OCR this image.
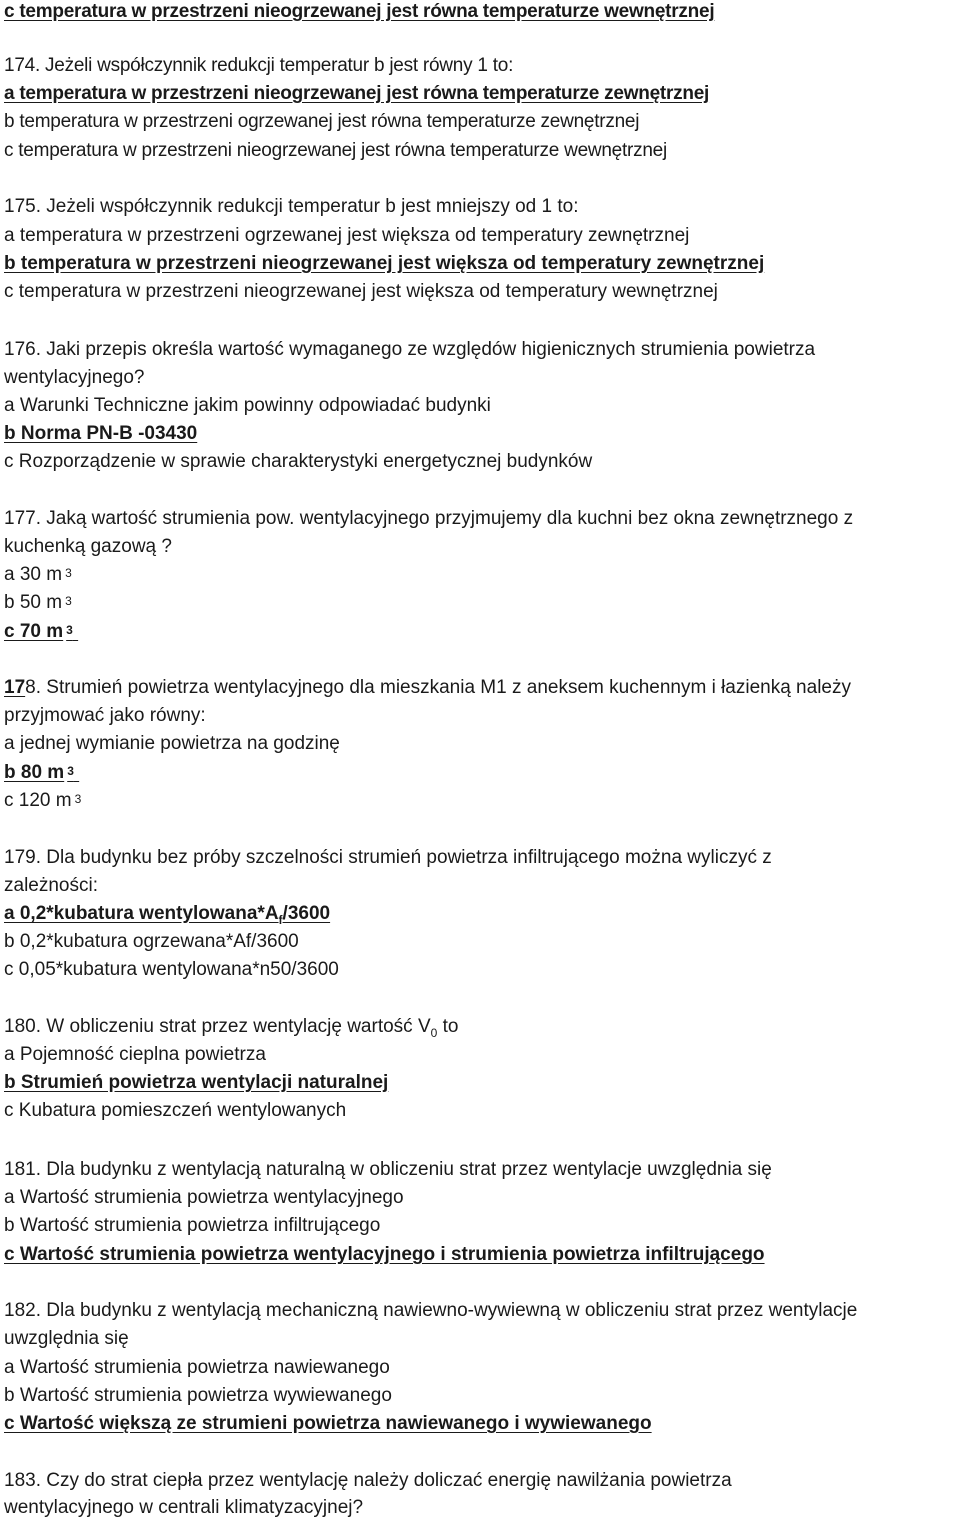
c temperatura w przestrzeni nieogrzewanej jest równa temperaturze wewnętrznej
174. Jeżeli współczynnik redukcji temperatur b jest równy 1 to:
a temperatura w przestrzeni nieogrzewanej jest równa temperaturze zewnętrznej
b temperatura w przestrzeni ogrzewanej jest równa temperaturze zewnętrznej
c temperatura w przestrzeni nieogrzewanej jest równa temperaturze wewnętrznej
175. Jeżeli współczynnik redukcji temperatur b jest mniejszy od 1 to:
a temperatura w przestrzeni ogrzewanej jest większa od temperatury zewnętrznej
b temperatura w przestrzeni nieogrzewanej jest większa od temperatury zewnętrznej
c temperatura w przestrzeni nieogrzewanej jest większa od temperatury wewnętrznej
176. Jaki przepis określa wartość wymaganego ze względów higienicznych strumienia powietrza
wentylacyjnego?
a Warunki Techniczne jakim powinny odpowiadać budynki
b Norma PN-B -03430
c Rozporządzenie w sprawie charakterystyki energetycznej budynków
177. Jaką wartość strumienia pow. wentylacyjnego przyjmujemy dla kuchni bez okna zewnętrznego z
kuchenką gazową ?
a 30 m $^3$
b 50 m $^3$
c 70 m $^3$
178. Strumień powietrza wentylacyjnego dla mieszkania M1 z aneksem kuchennym i łazienką należy
przyjmować jako równy:
a jednej wymianie powietrza na godzinę
b 80 m $^3$
c 120 m $^3$
179. Dla budynku bez próby szczelności strumień powietrza infiltrującego można wyliczyć z
zależności:
a 0,2*kubatura $wentylowana*A_f/3600$
b 0,2*kubatura ogrzewana*Af/3600
c 0,05*kubatura wentylowana*n50/3600
180. W obliczeniu strat przez wentylację wartość $V_0$ to
a Pojemność cieplna powietrza
b Strumień powietrza wentylacji naturalnej
c Kubatura pomieszczeń wentylowanych
181. Dla budynku z wentylacją naturalną w obliczeniu strat przez wentylacje uwzględnia się
a Wartość strumienia powietrza wentylacyjnego
b Wartość strumienia powietrza infiltrującego
c Wartość strumienia powietrza wentylacyjnego i strumienia powietrza infiltrującego
182. Dla budynku z wentylacją mechaniczną nawiewno-wywiewną w obliczeniu strat przez wentylacje
uwzględnia się
a Wartość strumienia powietrza nawiewanego
b Wartość strumienia powietrza wywiewanego
c Wartość większą ze strumieni powietrza nawiewanego i wywiewanego
183. Czy do strat ciepła przez wentylację należy doliczać energię nawilżania powietrza
wentylacyjnego w centrali klimatyzacyjnej?
